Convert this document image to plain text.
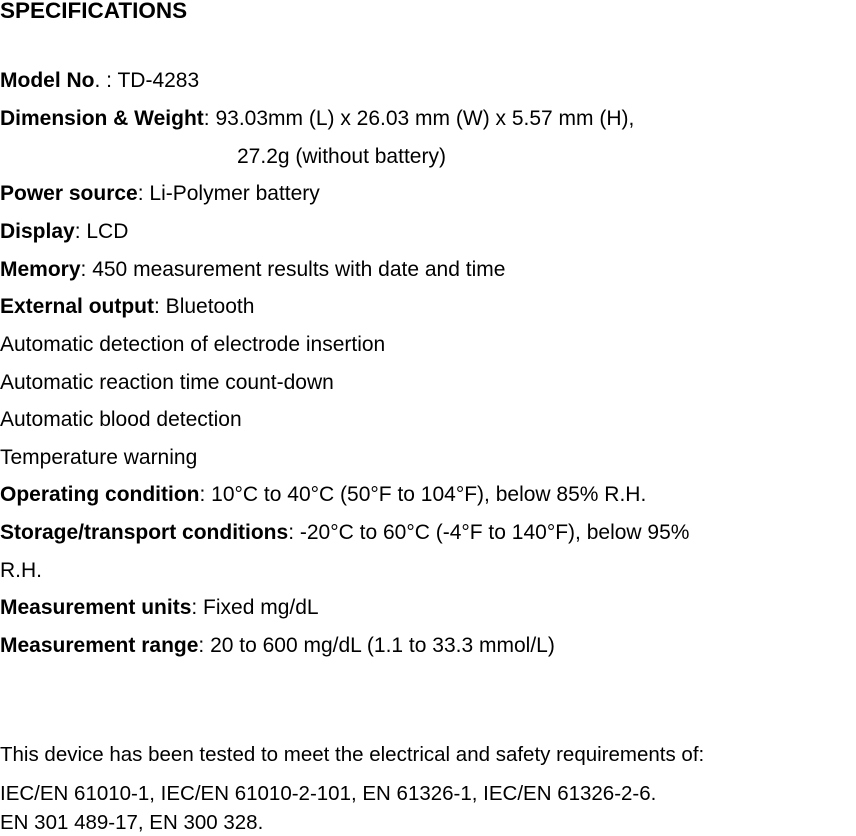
SPECIFICATIONS
Model No. : TD-4283
Dimension & Weight: 93.03mm (L) x 26.03 mm (W) x 5.57 mm (H),
27.2g (without battery)
Power source: Li-Polymer battery
Display: LCD
Memory: 450 measurement results with date and time
External output: Bluetooth
Automatic detection of electrode insertion
Automatic reaction time count-down
Automatic blood detection
Temperature warning
Operating condition: 10°C to 40°C (50°F to 104°F), below 85% R.H.
Storage/transport conditions: -20°C to 60°C (-4°F to 140°F), below 95%
R.H.
Measurement units: Fixed mg/dL
Measurement range: 20 to 600 mg/dL (1.1 to 33.3 mmol/L)
This device has been tested to meet the electrical and safety requirements of:
IEC/EN 61010-1, IEC/EN 61010-2-101, EN 61326-1, IEC/EN 61326-2-6.
EN 301 489-17, EN 300 328.
